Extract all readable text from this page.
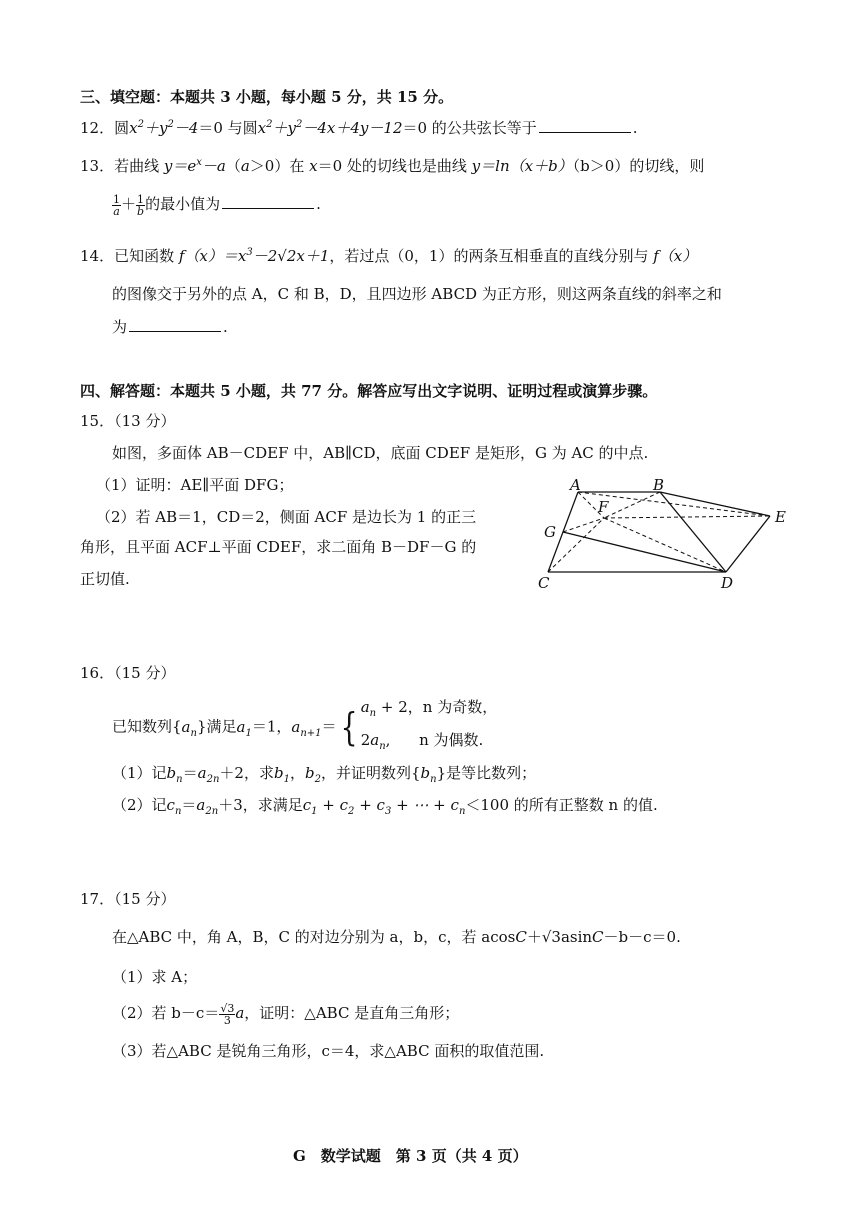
三、填空题：本题共 3 小题，每小题 5 分，共 15 分。
12．圆$x^2+y^2-4=0$ 与圆$x^2+y^2-4x+4y-12=0$ 的公共弦长等于	.
13．若曲线 $y=e^x-a(a>0)$在 x＝0 处的切线也是曲线 y＝ln（x＋b）（b＞0）的切线，则
$\frac{1}{a} + \frac{1}{b}$ 的最小值为	.
14．已知函数 $f(x)=x^3-2√2x+1$，若过点（0，1）的两条互相垂直的直线分别与 f（x）
的图像交于另外的点 A，C 和 B，D，且四边形 ABCD 为正方形，则这两条直线的斜率之和
为	.
四、解答题：本题共 5 小题，共 77 分。解答应写出文字说明、证明过程或演算步骤。
15．（13 分）
如图，多面体 AB－CDEF 中，AB∥CD，底面 CDEF 是矩形，G 为 AC 的中点.
（1）证明：AE∥平面 DFG；
（2）若 AB＝1，CD＝2，侧面 ACF 是边长为 1 的正三
角形，且平面 ACF⊥平面 CDEF，求二面角 B－DF－G 的
正切值.
A	B
E
F
G
C	D
16．（15 分）
已知数列$\{a_n\}$满足$a_1=1$，$a_{n+1}=${ $a_n + 2$，n 为奇数，
$2a_n$,      n 为偶数.
（1）记$b_n=a_{2n}+2$，求$b_1$，$b_2$，并证明数列$\{b_n\}$是等比数列；
（2）记$c_n=a_{2n}+3$，求满足$c_1 + c_2 + c_3$ + ⋯ + $c_n<100$ 的所有正整数 n 的值.
17．（15 分）
在△ABC 中，角 A，B，C 的对边分别为 a，b，c，若 acosC＋√3asinC－b－c＝0.
（1）求 A；
（2）若 $b-c= \frac{√3}{3}$ a，证明：△ABC 是直角三角形；
（3）若△ABC 是锐角三角形，c＝4，求△ABC 面积的取值范围.
G　数学试题　第 3 页（共 4 页）
